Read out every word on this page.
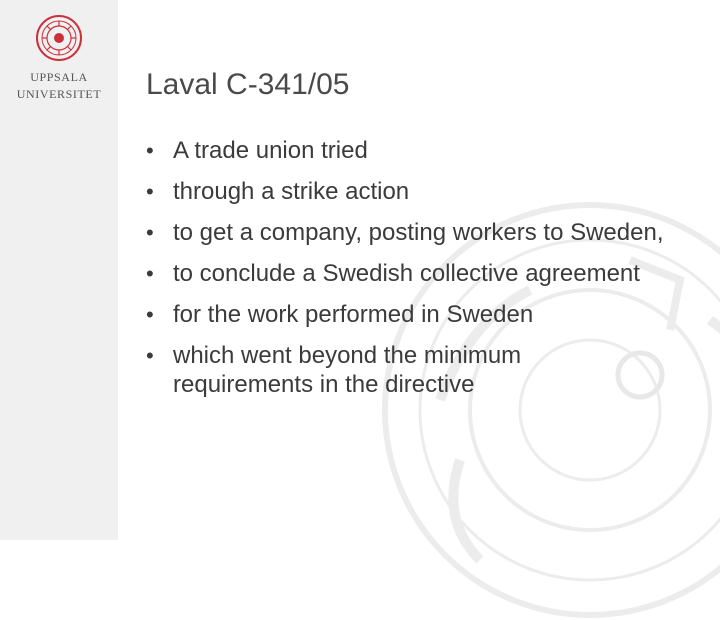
UPPSALA
UNIVERSITET	Laval C-341/05
• A trade union tried
• through a strike action
• to get a company, posting workers to Sweden,
• to conclude a Swedish collective agreement
• for the work performed in Sweden
• which went beyond the minimum requirements in the directive
